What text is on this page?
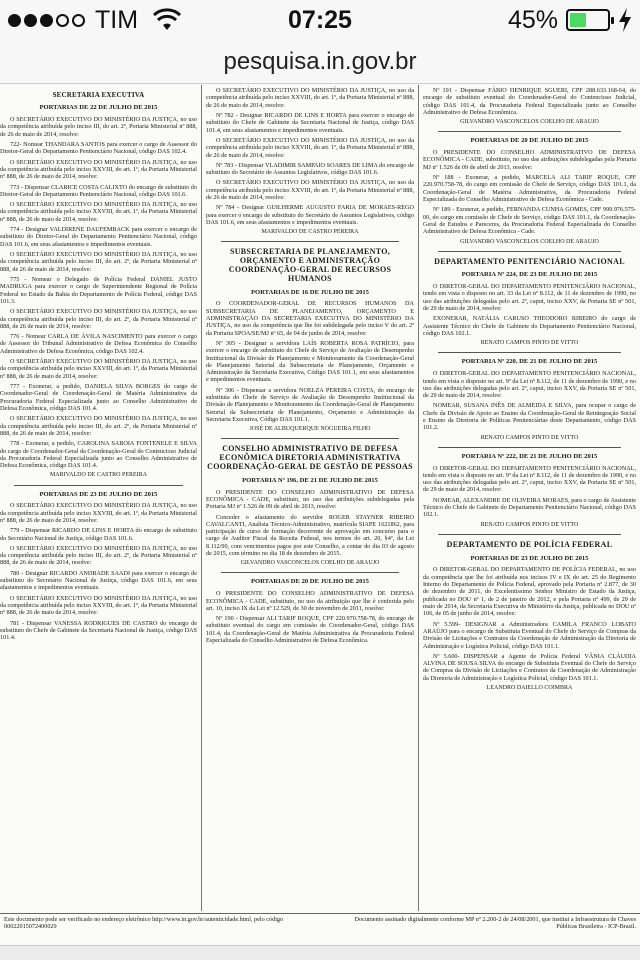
TIM	07:25	45%
pesquisa.in.gov.br
SECRETARIA EXECUTIVA
PORTARIAS DE 22 DE JULHO DE 2015

O SECRETÁRIO EXECUTIVO DO MINISTÉRIO DA JUSTIÇA, no uso da competência atribuída pelo inciso III, do art. 2º, Portaria Ministerial nº 888, de 26 de maio de 2014, resolve:

722- Nomear THANDARA SANTOS para exercer o cargo de Assessor do Diretor-Geral do Departamento Penitenciário Nacional, código DAS 102.4.

O SECRETÁRIO EXECUTIVO DO MINISTÉRIO DA JUSTIÇA, no uso da competência atribuída pelo inciso XXVIII, do art. 1º, da Portaria Ministerial nº 888, de 26 de maio de 2014, resolve:

773 - Dispensar CLARICE COSTA CALIXTO do encargo de substituto do Diretor-Geral do Departamento Penitenciário Nacional, código DAS 101.6.

O SECRETÁRIO EXECUTIVO DO MINISTÉRIO DA JUSTIÇA, no uso da competência atribuída pelo inciso XXVIII, do art. 1º, da Portaria Ministerial nº 888, de 26 de maio de 2014, resolve:

774 - Designar VALDIRENE DAUFEMBACK para exercer o encargo de substituto do Diretor-Geral do Departamento Penitenciário Nacional, código DAS 101.6, em seus afastamentos e impedimentos eventuais.

O SECRETÁRIO EXECUTIVO DO MINISTÉRIO DA JUSTIÇA, no uso da competência atribuída pelo inciso III, do art. 2º, da Portaria Ministerial nº 888, de 26 de maio de 2014, resolve:

775 - Nomear o Delegado de Polícia Federal DANIEL JUSTO MADRUGA para exercer o cargo de Superintendente Regional de Polícia Federal no Estado da Bahia do Departamento de Polícia Federal, código DAS 101.3.

O SECRETÁRIO EXECUTIVO DO MINISTÉRIO DA JUSTIÇA, no uso da competência atribuída pelo inciso III, do art. 2º, da Portaria Ministerial nº 888, de 26 de maio de 2014, resolve:

776 - Nomear CARLA DE ÁVILA NASCIMENTO para exercer o cargo de Assessor do Tribunal Administrativo de Defesa Econômica do Conselho Administrativo de Defesa Econômica, código DAS 102.4.

O SECRETÁRIO EXECUTIVO DO MINISTÉRIO DA JUSTIÇA, no uso da competência atribuída pelo inciso XXVIII, do art. 1º, da Portaria Ministerial nº 888, de 26 de maio de 2014, resolve:

777 - Exonerar, a pedido, DANIELA SILVA BORGES do cargo de Coordenador-Geral de Coordenação-Geral de Matéria Administrativa da Procuradoria Federal Especializada junto ao Conselho Administrativo de Defesa Econômica, código DAS 101.4.

O SECRETÁRIO EXECUTIVO DO MINISTÉRIO DA JUSTIÇA, no uso da competência atribuída pelo inciso III, do art. 2º, da Portaria Ministerial nº 888, de 26 de maio de 2014, resolve:

778 - Exonerar, a pedido, CAROLINA SABOIA FONTENELE E SILVA do cargo de Coordenador-Geral da Coordenação-Geral do Contencioso Judicial da Procuradoria Federal Especializada junto ao Conselho Administrativo de Defesa Econômica, código DAS 101.4.

MARIVALDO DE CASTRO PEREIRA

PORTARIAS DE 23 DE JULHO DE 2015

O SECRETÁRIO EXECUTIVO DO MINISTÉRIO DA JUSTIÇA, no uso da competência atribuída pelo inciso XXVIII, do art. 1º, da Portaria Ministerial nº 888, de 26 de maio de 2014, resolve:

779 - Dispensar RICARDO DE LINS E HORTA do encargo de substituto do Secretário Nacional de Justiça, código DAS 101.6.

O SECRETÁRIO EXECUTIVO DO MINISTÉRIO DA JUSTIÇA, no uso da competência atribuída pelo inciso III, do art. 2º, da Portaria Ministerial nº 888, de 26 de maio de 2014, resolve:

780 - Designar RICARDO ANDRADE SAADI para exercer o encargo de substituto do Secretário Nacional de Justiça, código DAS 101.6, em seus afastamentos e impedimentos eventuais.

O SECRETÁRIO EXECUTIVO DO MINISTÉRIO DA JUSTIÇA, no uso da competência atribuída pelo inciso XXVIII, do art. 1º, da Portaria Ministerial nº 888, de 26 de maio de 2014, resolve:

781 - Dispensar VANESSA RODRIGUES DE CASTRO do encargo de substituto do Chefe de Gabinete da Secretaria Nacional de Justiça, código DAS 101.4.

O SECRETÁRIO EXECUTIVO DO MINISTÉRIO DA JUSTIÇA, no uso da competência atribuída pelo inciso XXVIII, do art. 1º, da Portaria Ministerial nº 888, de 26 de maio de 2014, resolve:

Nº 782 - Designar RICARDO DE LINS E HORTA para exercer o encargo de substituto do Chefe de Gabinete da Secretaria Nacional de Justiça, código DAS 101.4, em seus afastamentos e impedimentos eventuais.

O SECRETÁRIO EXECUTIVO DO MINISTÉRIO DA JUSTIÇA, no uso da competência atribuída pelo inciso XXVIII, do art. 1º, da Portaria Ministerial nº 888, de 26 de maio de 2014, resolve:

Nº 783 - Dispensar VLADIMIR SAMPAIO SOARES DE LIMA do encargo de substituto do Secretário de Assuntos Legislativos, código DAS 101.6.

O SECRETÁRIO EXECUTIVO DO MINISTÉRIO DA JUSTIÇA, no uso da competência atribuída pelo inciso XXVIII, do art. 1º, da Portaria Ministerial nº 888, de 26 de maio de 2014, resolve:

Nº 784 - Designar GUILHERME AUGUSTO FARIA DE MORAES-REGO para exercer o encargo de substituto do Secretário de Assuntos Legislativos, código DAS 101.6, em seus afastamentos e impedimentos eventuais.

MARIVALDO DE CASTRO PEREIRA

SUBSECRETARIA DE PLANEJAMENTO, ORÇAMENTO E ADMINISTRAÇÃO COORDENAÇÃO-GERAL DE RECURSOS HUMANOS
PORTARIAS DE 16 DE JULHO DE 2015

O COORDENADOR-GERAL DE RECURSOS HUMANOS DA SUBSECRETARIA DE PLANEJAMENTO, ORÇAMENTO E ADMINISTRAÇÃO DA SECRETARIA EXECUTIVA DO MINISTÉRIO DA JUSTIÇA, no uso da competência que lhe foi subdelegada pelo inciso V do art. 2º da Portaria SPOA/SE/MJ nº 65, de 04 de junho de 2014, resolve:

Nº 305 - Designar a servidora LAÍS ROBERTA ROSA PATRÍCIO, para exercer o encargo de substituto do Chefe de Serviço de Avaliação de Desempenho Institucional da Divisão de Planejamento e Monitoramento da Coordenação-Geral de Planejamento Setorial da Subsecretaria de Planejamento, Orçamento e Administração da Secretaria Executiva, Código DAS 101.1, em seus afastamentos e impedimentos eventuais.

Nº 306 - Dispensar a servidora NOELZA PEREIRA COSTA, do encargo de substituta do Chefe de Serviço de Avaliação de Desempenho Institucional da Divisão de Planejamento e Monitoramento da Coordenação-Geral de Planejamento Setorial da Subsecretaria de Planejamento, Orçamento e Administração da Secretaria Executiva, Código DAS 101.1.

JOSÉ DE ALBUQUERQUE NOGUEIRA FILHO

CONSELHO ADMINISTRATIVO DE DEFESA ECONÔMICA DIRETORIA ADMINISTRATIVA COORDENAÇÃO-GERAL DE GESTÃO DE PESSOAS
PORTARIA Nº 196, DE 21 DE JULHO DE 2015

O PRESIDENTE DO CONSELHO ADMINISTRATIVO DE DEFESA ECONÔMICA - CADE, substituto, no uso das atribuições subdelegadas pela Portaria MJ nº 1.526 de 09 de abril de 2013, resolve:

Conceder o afastamento do servidor ROGER STAYNER RIBEIRO CAVALCANTI, Analista Técnico-Administrativo, matrícula SIAPE 1621862, para participação de curso de formação decorrente de aprovação em concurso para o cargo de Auditor Fiscal da Receita Federal, nos termos do art. 20, §4º, da Lei 8.112/90, com vencimentos pagos por este Conselho, a contar do dia 03 de agosto de 2015, com término no dia 18 de dezembro de 2015.

GILVANDRO VASCONCELOS COELHO DE ARAUJO

PORTARIAS DE 20 DE JULHO DE 2015

O PRESIDENTE DO CONSELHO ADMINISTRATIVO DE DEFESA ECONÔMICA - CADE, substituto, no uso da atribuição que lhe é conferida pelo art. 10, inciso IX da Lei nº 12.529, de 30 de novembro de 2011, resolve:

Nº 190 - Dispensar ALI TARIF ROQUE, CPF 220.970.758-78, do encargo de substituto eventual do cargo em comissão de Coordenador-Geral, código DAS 101.4, da Coordenação-Geral de Matéria Administrativa da Procuradoria Federal Especializada do Conselho Administrativo de Defesa Econômica.

Nº 191 - Dispensar FÁBIO HENRIQUE SGUERI, CPF 288.633.168-64, do encargo de substituto eventual do Coordenador-Geral do Contencioso Judicial, código DAS 101.4, da Procuradoria Federal Especializada junto ao Conselho Administrativo de Defesa Econômica.

GILVANDRO VASCONCELOS COELHO DE ARAUJO

PORTARIAS DE 20 DE JULHO DE 2015

O PRESIDENTE DO CONSELHO ADMINISTRATIVO DE DEFESA ECONÔMICA - CADE, substituto, no uso das atribuições subdelegadas pela Portaria MJ nº 1.526 de 09 de abril de 2013, resolve:

Nº 188 - Exonerar, a pedido, MARCELA ALI TARIF ROQUE, CPF 220.970.758-78, do cargo em comissão de Chefe de Serviço, código DAS 101.1, da Coordenação-Geral de Matéria Administrativa, da Procuradoria Federal Especializada do Conselho Administrativo de Defesa Econômica - Cade.

Nº 189 - Exonerar, a pedido, FERNANDA CUNHA GOMES, CPF 999.976.575-00, do cargo em comissão de Chefe de Serviço, código DAS 101.1, da Coordenação-Geral de Estudos e Pareceres, da Procuradoria Federal Especializada do Conselho Administrativo de Defesa Econômica - Cade.

GILVANDRO VASCONCELOS COELHO DE ARAUJO

DEPARTAMENTO PENITENCIÁRIO NACIONAL
PORTARIA Nº 224, DE 23 DE JULHO DE 2015

O DIRETOR-GERAL DO DEPARTAMENTO PENITENCIÁRIO NACIONAL, tendo em vista o disposto no art. 33 da Lei nº 8.112, de 11 de dezembro de 1990, no uso das atribuições delegadas pelo art. 2º, caput, inciso XXV, da Portaria SE nº 501, de 29 de maio de 2014, resolve:

EXONERAR, NATÁLIA CARUSO THEODORO RIBEIRO do cargo de Assistente Técnico do Chefe de Gabinete do Departamento Penitenciário Nacional, código DAS 102.1.

RENATO CAMPOS PINTO DE VITTO

PORTARIA Nº 220, DE 21 DE JULHO DE 2015

O DIRETOR-GERAL DO DEPARTAMENTO PENITENCIÁRIO NACIONAL, tendo em vista o disposto no art. 9º da Lei nº 8.112, de 11 de dezembro de 1990, e no uso das atribuições delegadas pelo art. 2º, caput, inciso XXV, da Portaria SE nº 501, de 29 de maio de 2014, resolve:

NOMEAR, SUSANA INÊS DE ALMEIDA E SILVA, para ocupar o cargo de Chefe da Divisão de Apoio ao Ensino da Coordenação-Geral de Reintegração Social e Ensino da Diretoria de Políticas Penitenciárias deste Departamento, código DAS 101.2.

RENATO CAMPOS PINTO DE VITTO

PORTARIA Nº 222, DE 21 DE JULHO DE 2015

O DIRETOR-GERAL DO DEPARTAMENTO PENITENCIÁRIO NACIONAL, tendo em vista o disposto no art. 9º da Lei nº 8.112, de 11 de dezembro de 1990, e no uso das atribuições delegadas pelo art. 2º, caput, inciso XXV, da Portaria SE nº 501, de 29 de maio de 2014, resolve:

NOMEAR, ALEXANDRE DE OLIVEIRA MORAES, para o cargo de Assistente Técnico do Chefe de Gabinete do Departamento Penitenciário Nacional, código DAS 102.1.

RENATO CAMPOS PINTO DE VITTO

DEPARTAMENTO DE POLÍCIA FEDERAL
PORTARIAS DE 23 DE JULHO DE 2015

O DIRETOR-GERAL DO DEPARTAMENTO DE POLÍCIA FEDERAL, no uso da competência que lhe foi atribuída nos incisos IV e IX do art. 25 do Regimento Interno do Departamento de Polícia Federal, aprovado pela Portaria nº 2.877, de 30 de dezembro de 2011, do Excelentíssimo Senhor Ministro de Estado da Justiça, publicada no DOU nº 1, de 2 de janeiro de 2012, e pela Portaria nº 499, de 29 de maio de 2014, da Secretaria Executiva do Ministério da Justiça, publicada no DOU nº 106, de 05 de junho de 2014, resolve:

Nº 5.599- DESIGNAR a Administradora CAMILA FRANCO LOBATO ARAÚJO para o encargo de Substituta Eventual do Chefe do Serviço de Compras da Divisão de Licitações e Contratos da Coordenação de Administração da Diretoria de Administração e Logística Policial, código DAS 101.1.

Nº 5.600- DISPENSAR a Agente de Polícia Federal VÂNIA CLÁUDIA ALVINA DE SOUSA SILVA do encargo de Substituta Eventual do Chefe do Serviço de Compras da Divisão de Licitações e Contratos da Coordenação de Administração da Diretoria de Administração e Logística Policial, código DAS 101.1.

LEANDRO DAIELLO COIMBRA

Este documento pode ser verificado no endereço eletrônico http://www.in.gov.br/autenticidade.html, pelo código 00022015072400029
Documento assinado digitalmente conforme MP nº 2.200-2 de 24/08/2001, que institui a Infraestrutura de Chaves Públicas Brasileira - ICP-Brasil.
